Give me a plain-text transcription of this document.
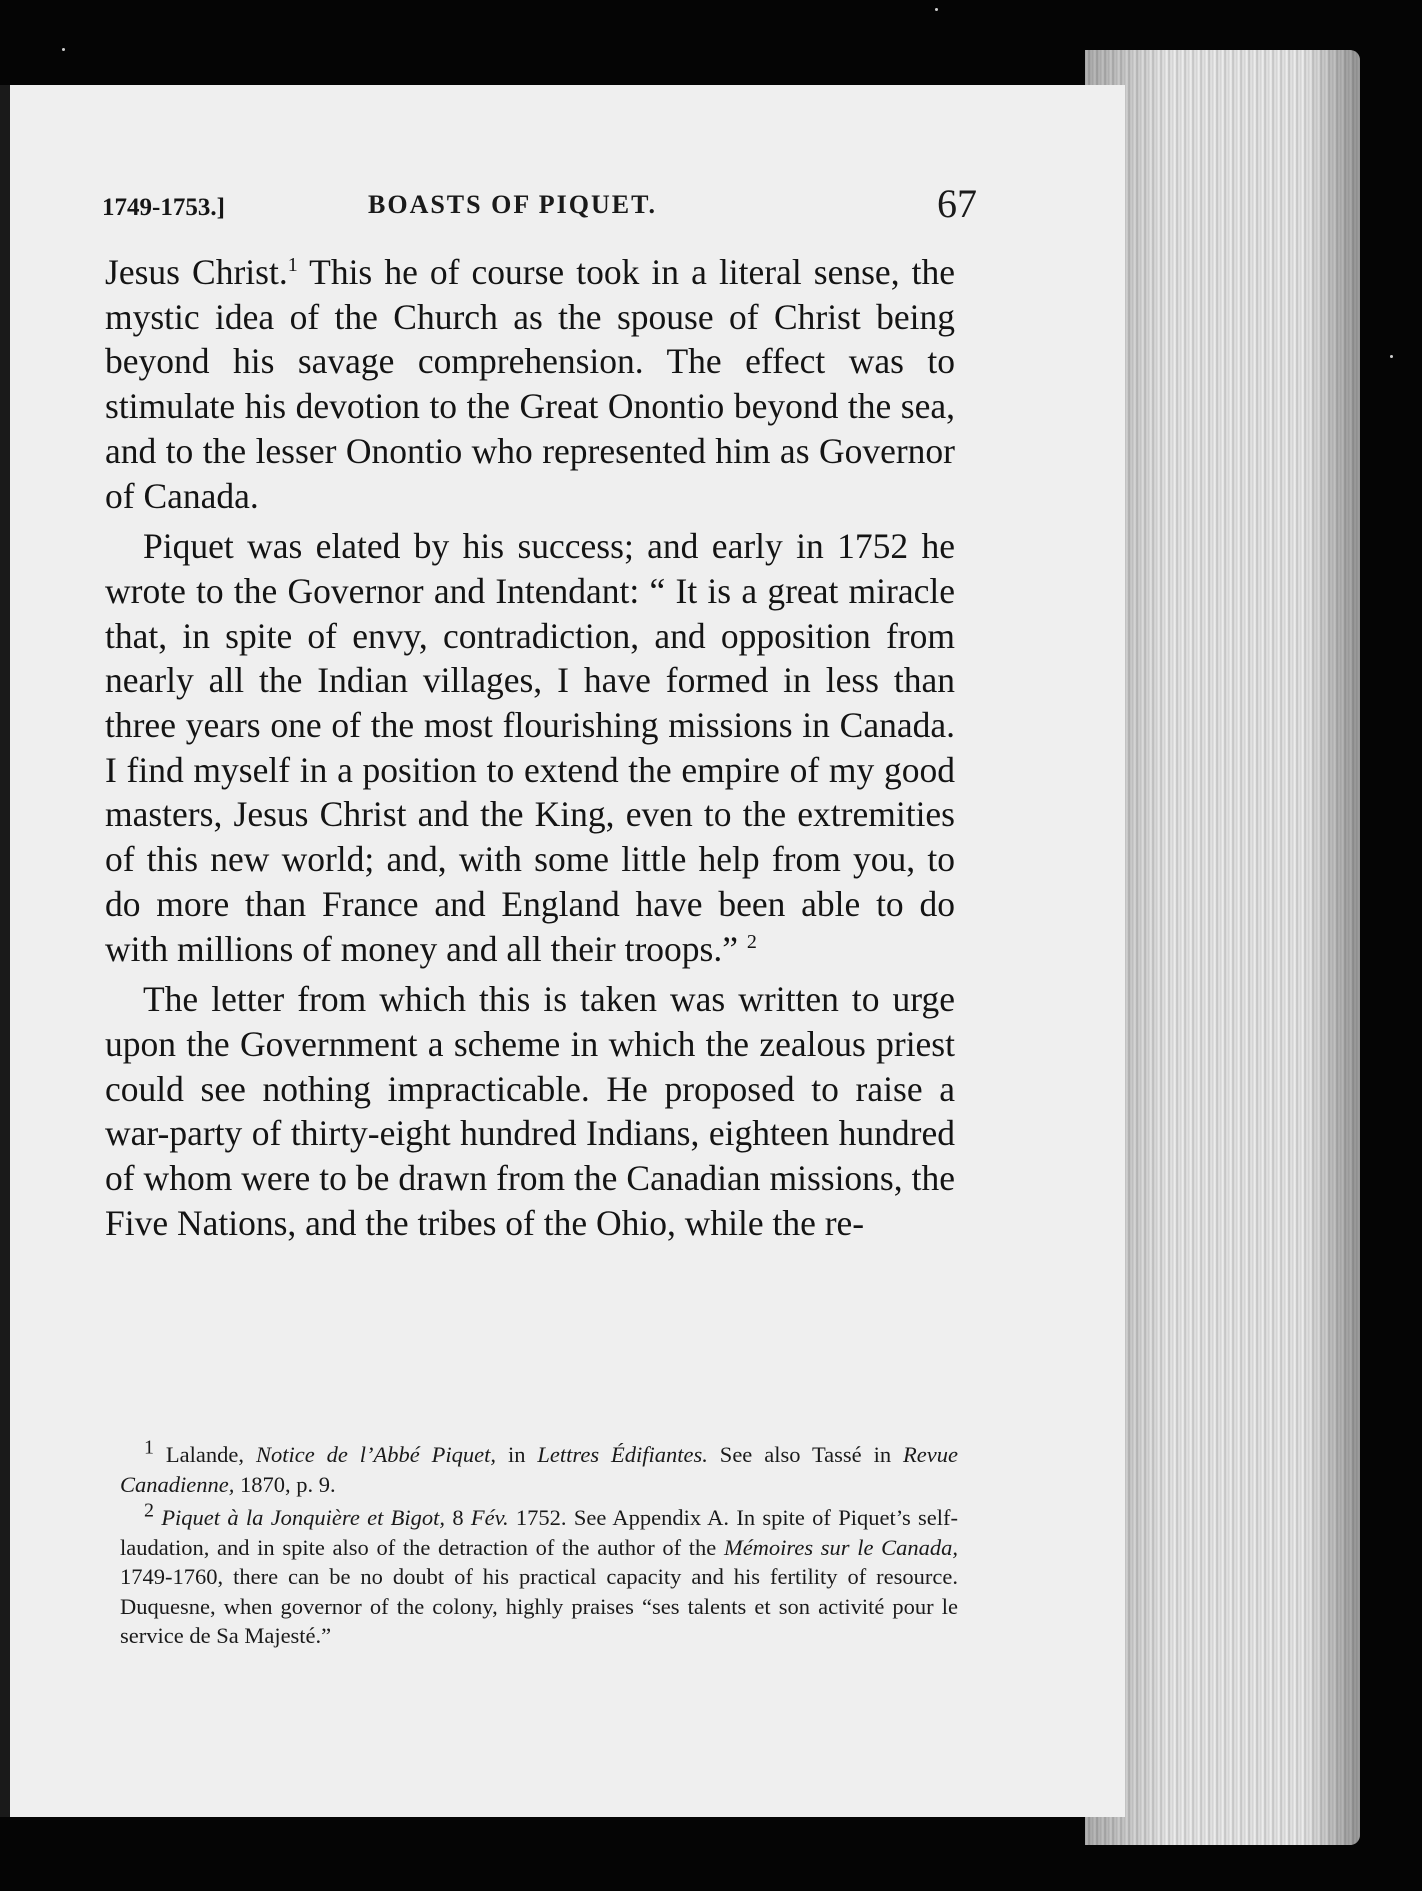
1749-1753.]	BOASTS OF PIQUET.	67

Jesus Christ.$^1$ This he of course took in a literal sense, the mystic idea of the Church as the spouse of Christ being beyond his savage comprehension. The effect was to stimulate his devotion to the Great Onontio beyond the sea, and to the lesser Onontio who represented him as Governor of Canada.

Piquet was elated by his success; and early in 1752 he wrote to the Governor and Intendant: “ It is a great miracle that, in spite of envy, contradiction, and opposition from nearly all the Indian villages, I have formed in less than three years one of the most flourishing missions in Canada. I find myself in a position to extend the empire of my good masters, Jesus Christ and the King, even to the extremities of this new world; and, with some little help from you, to do more than France and England have been able to do with millions of money and all their troops.” $^2$

The letter from which this is taken was written to urge upon the Government a scheme in which the zealous priest could see nothing impracticable. He proposed to raise a war-party of thirty-eight hundred Indians, eighteen hundred of whom were to be drawn from the Canadian missions, the Five Nations, and the tribes of the Ohio, while the re-

$^1$ Lalande, Notice de l’Abbé Piquet, in Lettres Édifiantes. See also Tassé in Revue Canadienne, 1870, p. 9.

$^2$ Piquet à la Jonquière et Bigot, 8 Fév. 1752. See Appendix A. In spite of Piquet’s self-laudation, and in spite also of the detraction of the author of the Mémoires sur le Canada, 1749-1760, there can be no doubt of his practical capacity and his fertility of resource. Duquesne, when governor of the colony, highly praises “ses talents et son activité pour le service de Sa Majesté.”
